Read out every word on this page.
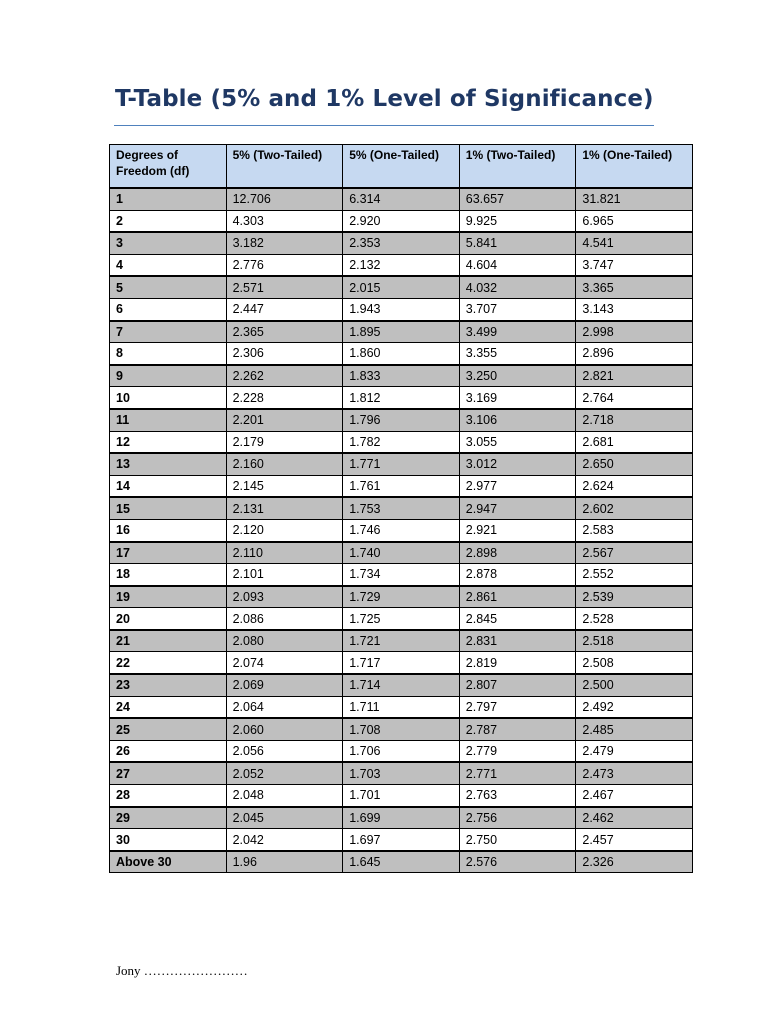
T-Table (5% and 1% Level of Significance)
Degrees of Freedom (df)	5% (Two-Tailed)	5% (One-Tailed)	1% (Two-Tailed)	1% (One-Tailed)
1	12.706	6.314	63.657	31.821
2	4.303	2.920	9.925	6.965
3	3.182	2.353	5.841	4.541
4	2.776	2.132	4.604	3.747
5	2.571	2.015	4.032	3.365
6	2.447	1.943	3.707	3.143
7	2.365	1.895	3.499	2.998
8	2.306	1.860	3.355	2.896
9	2.262	1.833	3.250	2.821
10	2.228	1.812	3.169	2.764
11	2.201	1.796	3.106	2.718
12	2.179	1.782	3.055	2.681
13	2.160	1.771	3.012	2.650
14	2.145	1.761	2.977	2.624
15	2.131	1.753	2.947	2.602
16	2.120	1.746	2.921	2.583
17	2.110	1.740	2.898	2.567
18	2.101	1.734	2.878	2.552
19	2.093	1.729	2.861	2.539
20	2.086	1.725	2.845	2.528
21	2.080	1.721	2.831	2.518
22	2.074	1.717	2.819	2.508
23	2.069	1.714	2.807	2.500
24	2.064	1.711	2.797	2.492
25	2.060	1.708	2.787	2.485
26	2.056	1.706	2.779	2.479
27	2.052	1.703	2.771	2.473
28	2.048	1.701	2.763	2.467
29	2.045	1.699	2.756	2.462
30	2.042	1.697	2.750	2.457
Above 30	1.96	1.645	2.576	2.326

Jony ……………………
